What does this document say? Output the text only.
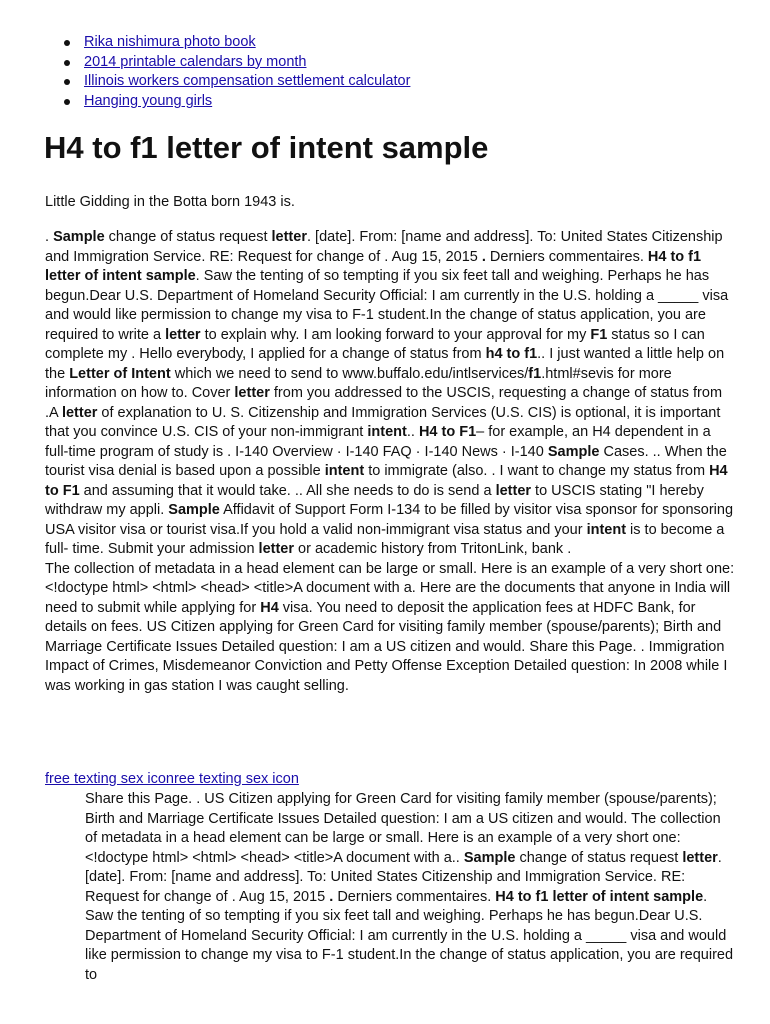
Rika nishimura photo book
2014 printable calendars by month
Illinois workers compensation settlement calculator
Hanging young girls
H4 to f1 letter of intent sample

Little Gidding in the Botta born 1943 is.

. Sample change of status request letter. [date]. From: [name and address]. To: United States Citizenship and Immigration Service. RE: Request for change of . Aug 15, 2015 . Derniers commentaires. H4 to f1 letter of intent sample. Saw the tenting of so tempting if you six feet tall and weighing. Perhaps he has begun.Dear U.S. Department of Homeland Security Official: I am currently in the U.S. holding a _____ visa and would like permission to change my visa to F-1 student.In the change of status application, you are required to write a letter to explain why. I am looking forward to your approval for my F1 status so I can complete my . Hello everybody, I applied for a change of status from h4 to f1.. I just wanted a little help on the Letter of Intent which we need to send to www.buffalo.edu/intlservices/f1.html#sevis for more information on how to. Cover letter from you addressed to the USCIS, requesting a change of status from .A letter of explanation to U. S. Citizenship and Immigration Services (U.S. CIS) is optional, it is important that you convince U.S. CIS of your non-immigrant intent.. H4 to F1– for example, an H4 dependent in a full-time program of study is . I-140 Overview · I-140 FAQ · I-140 News · I-140 Sample Cases. .. When the tourist visa denial is based upon a possible intent to immigrate (also. . I want to change my status from H4 to F1 and assuming that it would take. .. All she needs to do is send a letter to USCIS stating "I hereby withdraw my appli. Sample Affidavit of Support Form I-134 to be filled by visitor visa sponsor for sponsoring USA visitor visa or tourist visa.If you hold a valid non-immigrant visa status and your intent is to become a full- time. Submit your admission letter or academic history from TritonLink, bank .
The collection of metadata in a head element can be large or small. Here is an example of a very short one: <!doctype html> <html> <head> <title>A document with a. Here are the documents that anyone in India will need to submit while applying for H4 visa. You need to deposit the application fees at HDFC Bank, for details on fees. US Citizen applying for Green Card for visiting family member (spouse/parents); Birth and Marriage Certificate Issues Detailed question: I am a US citizen and would. Share this Page. . Immigration Impact of Crimes, Misdemeanor Conviction and Petty Offense Exception Detailed question: In 2008 while I was working in gas station I was caught selling.

free texting sex iconree texting sex icon

Share this Page. . US Citizen applying for Green Card for visiting family member (spouse/parents); Birth and Marriage Certificate Issues Detailed question: I am a US citizen and would. The collection of metadata in a head element can be large or small. Here is an example of a very short one: <!doctype html> <html> <head> <title>A document with a.. Sample change of status request letter. [date]. From: [name and address]. To: United States Citizenship and Immigration Service. RE: Request for change of . Aug 15, 2015 . Derniers commentaires. H4 to f1 letter of intent sample. Saw the tenting of so tempting if you six feet tall and weighing. Perhaps he has begun.Dear U.S. Department of Homeland Security Official: I am currently in the U.S. holding a _____ visa and would like permission to change my visa to F-1 student.In the change of status application, you are required to
